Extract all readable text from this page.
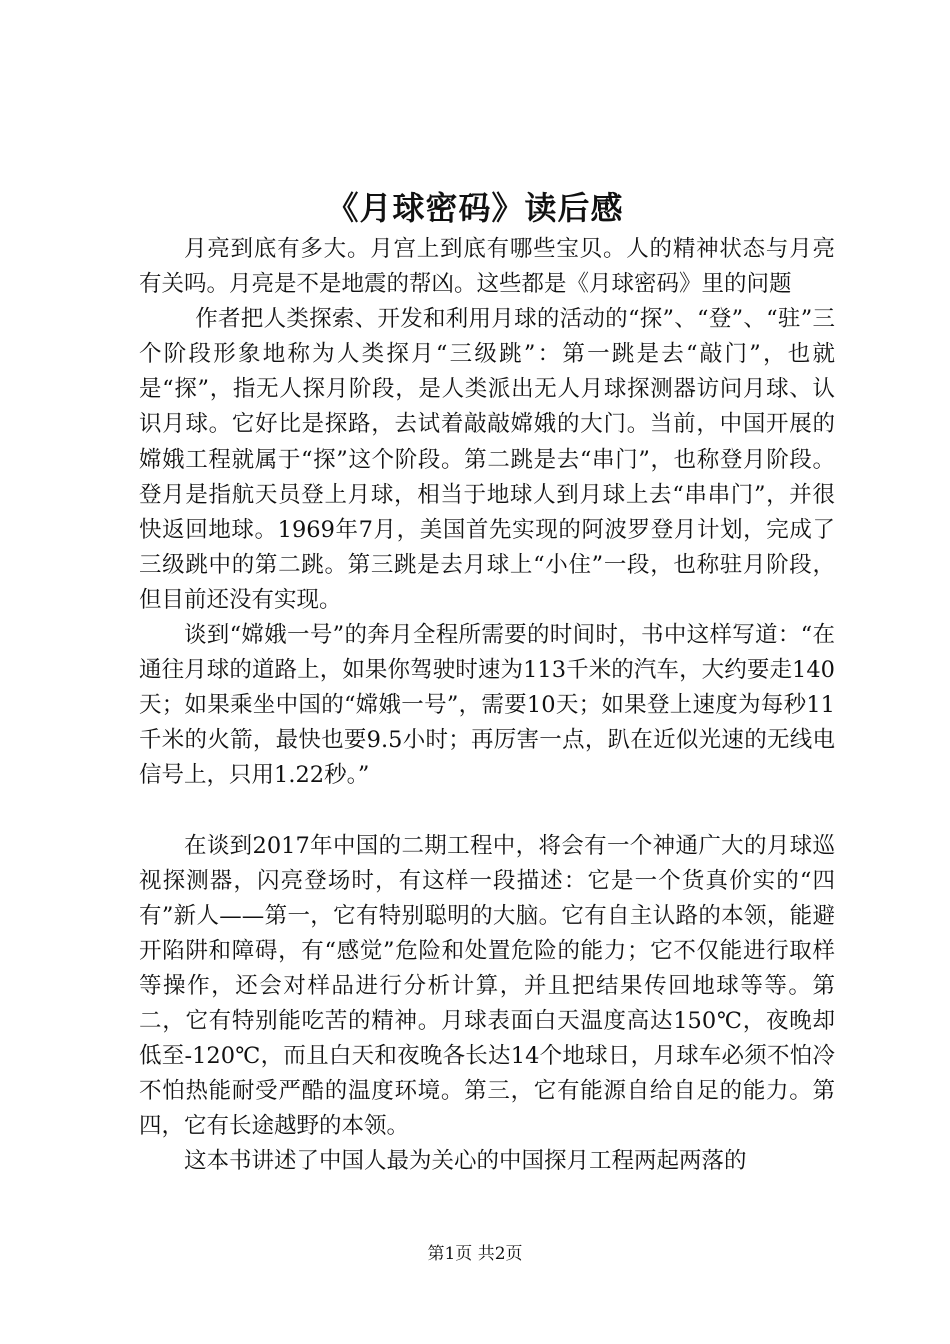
《月球密码》读后感

月亮到底有多大。月宫上到底有哪些宝贝。人的精神状态与月亮有关吗。月亮是不是地震的帮凶。这些都是《月球密码》里的问题

作者把人类探索、开发和利用月球的活动的“探”、“登”、“驻”三个阶段形象地称为人类探月“三级跳”：第一跳是去“敲门”，也就是“探”，指无人探月阶段，是人类派出无人月球探测器访问月球、认识月球。它好比是探路，去试着敲敲嫦娥的大门。当前，中国开展的嫦娥工程就属于“探”这个阶段。第二跳是去“串门”，也称登月阶段。登月是指航天员登上月球，相当于地球人到月球上去“串串门”，并很快返回地球。1969年7月，美国首先实现的阿波罗登月计划，完成了三级跳中的第二跳。第三跳是去月球上“小住”一段，也称驻月阶段，但目前还没有实现。

谈到“嫦娥一号”的奔月全程所需要的时间时，书中这样写道：“在通往月球的道路上，如果你驾驶时速为113千米的汽车，大约要走140天；如果乘坐中国的“嫦娥一号”，需要10天；如果登上速度为每秒11千米的火箭，最快也要9.5小时；再厉害一点，趴在近似光速的无线电信号上，只用1.22秒。”

在谈到2017年中国的二期工程中，将会有一个神通广大的月球巡视探测器，闪亮登场时，有这样一段描述：它是一个货真价实的“四有”新人——第一，它有特别聪明的大脑。它有自主认路的本领，能避开陷阱和障碍，有“感觉”危险和处置危险的能力；它不仅能进行取样等操作，还会对样品进行分析计算，并且把结果传回地球等等。第二，它有特别能吃苦的精神。月球表面白天温度高达150℃，夜晚却低至-120℃，而且白天和夜晚各长达14个地球日，月球车必须不怕冷不怕热能耐受严酷的温度环境。第三，它有能源自给自足的能力。第四，它有长途越野的本领。

这本书讲述了中国人最为关心的中国探月工程两起两落的

第1页 共2页
